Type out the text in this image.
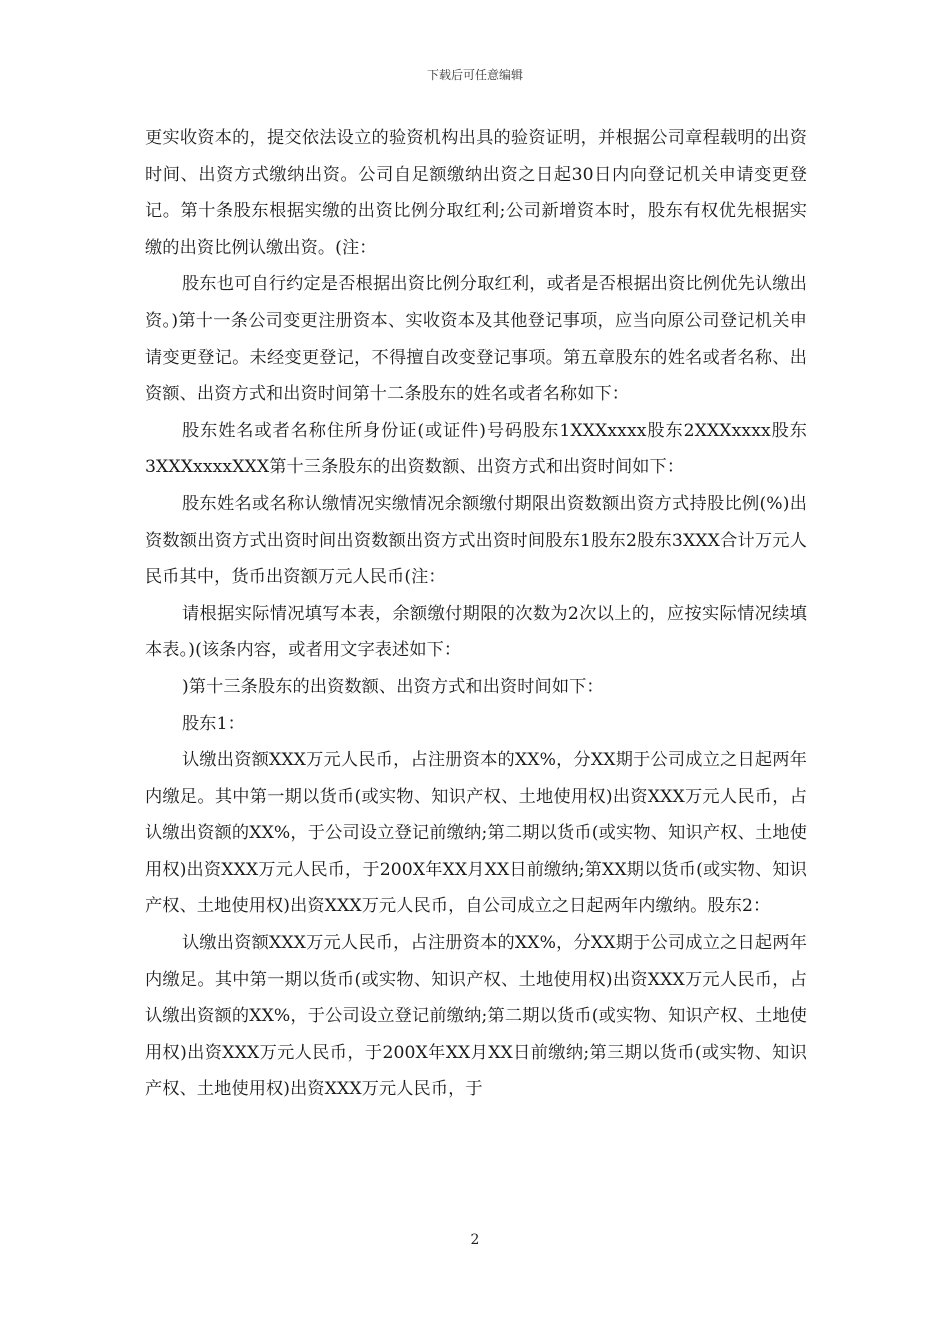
下载后可任意编辑

更实收资本的，提交依法设立的验资机构出具的验资证明，并根据公司章程载明的出资时间、出资方式缴纳出资。公司自足额缴纳出资之日起30日内向登记机关申请变更登记。第十条股东根据实缴的出资比例分取红利;公司新增资本时，股东有权优先根据实缴的出资比例认缴出资。(注：

股东也可自行约定是否根据出资比例分取红利，或者是否根据出资比例优先认缴出资。)第十一条公司变更注册资本、实收资本及其他登记事项，应当向原公司登记机关申请变更登记。未经变更登记，不得擅自改变登记事项。第五章股东的姓名或者名称、出资额、出资方式和出资时间第十二条股东的姓名或者名称如下：

股东姓名或者名称住所身份证(或证件)号码股东1XXXxxxx股东2XXXxxxx股东3XXXxxxxXXX第十三条股东的出资数额、出资方式和出资时间如下：

股东姓名或名称认缴情况实缴情况余额缴付期限出资数额出资方式持股比例(%)出资数额出资方式出资时间出资数额出资方式出资时间股东1股东2股东3XXX合计万元人民币其中，货币出资额万元人民币(注：

请根据实际情况填写本表，余额缴付期限的次数为2次以上的，应按实际情况续填本表。)(该条内容，或者用文字表述如下：

)第十三条股东的出资数额、出资方式和出资时间如下：

股东1：

认缴出资额XXX万元人民币，占注册资本的XX%，分XX期于公司成立之日起两年内缴足。其中第一期以货币(或实物、知识产权、土地使用权)出资XXX万元人民币，占认缴出资额的XX%，于公司设立登记前缴纳;第二期以货币(或实物、知识产权、土地使用权)出资XXX万元人民币，于200X年XX月XX日前缴纳;第XX期以货币(或实物、知识产权、土地使用权)出资XXX万元人民币，自公司成立之日起两年内缴纳。股东2：

认缴出资额XXX万元人民币，占注册资本的XX%，分XX期于公司成立之日起两年内缴足。其中第一期以货币(或实物、知识产权、土地使用权)出资XXX万元人民币，占认缴出资额的XX%，于公司设立登记前缴纳;第二期以货币(或实物、知识产权、土地使用权)出资XXX万元人民币，于200X年XX月XX日前缴纳;第三期以货币(或实物、知识产权、土地使用权)出资XXX万元人民币，于

2
